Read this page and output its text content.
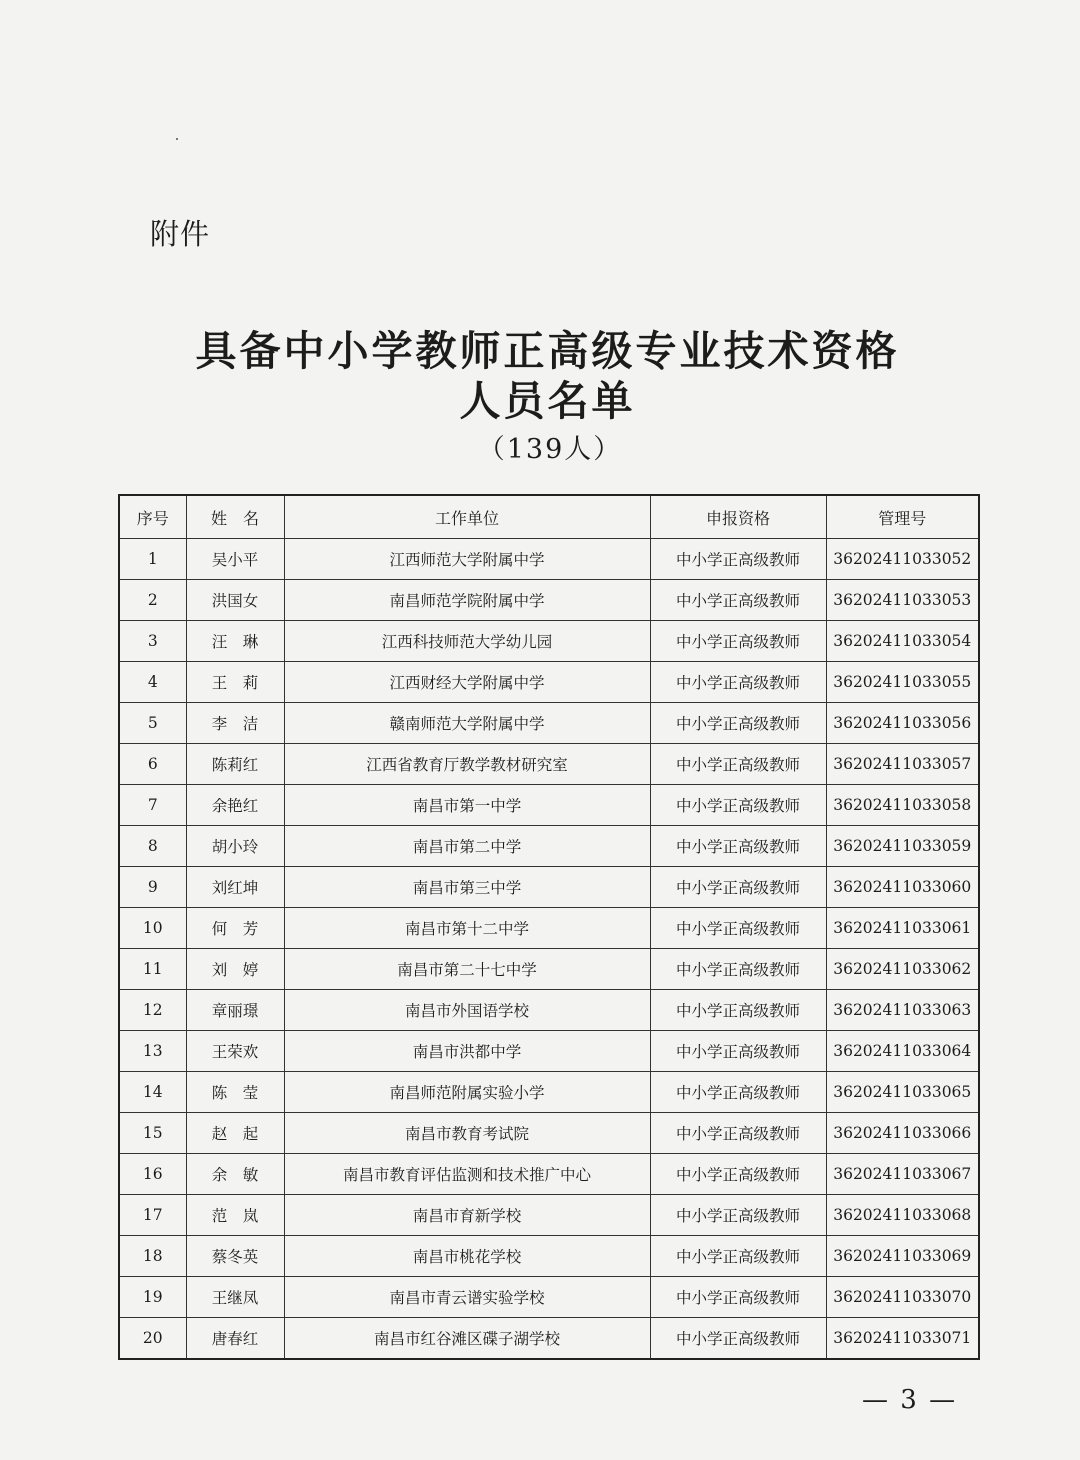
附件
具备中小学教师正高级专业技术资格
人员名单
（139人）
序号	姓　名	工作单位	申报资格	管理号
1	吴小平	江西师范大学附属中学	中小学正高级教师	36202411033052
2	洪国女	南昌师范学院附属中学	中小学正高级教师	36202411033053
3	汪　琳	江西科技师范大学幼儿园	中小学正高级教师	36202411033054
4	王　莉	江西财经大学附属中学	中小学正高级教师	36202411033055
5	李　洁	赣南师范大学附属中学	中小学正高级教师	36202411033056
6	陈莉红	江西省教育厅教学教材研究室	中小学正高级教师	36202411033057
7	余艳红	南昌市第一中学	中小学正高级教师	36202411033058
8	胡小玲	南昌市第二中学	中小学正高级教师	36202411033059
9	刘红坤	南昌市第三中学	中小学正高级教师	36202411033060
10	何　芳	南昌市第十二中学	中小学正高级教师	36202411033061
11	刘　婷	南昌市第二十七中学	中小学正高级教师	36202411033062
12	章丽璟	南昌市外国语学校	中小学正高级教师	36202411033063
13	王荣欢	南昌市洪都中学	中小学正高级教师	36202411033064
14	陈　莹	南昌师范附属实验小学	中小学正高级教师	36202411033065
15	赵　起	南昌市教育考试院	中小学正高级教师	36202411033066
16	余　敏	南昌市教育评估监测和技术推广中心	中小学正高级教师	36202411033067
17	范　岚	南昌市育新学校	中小学正高级教师	36202411033068
18	蔡冬英	南昌市桃花学校	中小学正高级教师	36202411033069
19	王继凤	南昌市青云谱实验学校	中小学正高级教师	36202411033070
20	唐春红	南昌市红谷滩区碟子湖学校	中小学正高级教师	36202411033071
— 3 —
